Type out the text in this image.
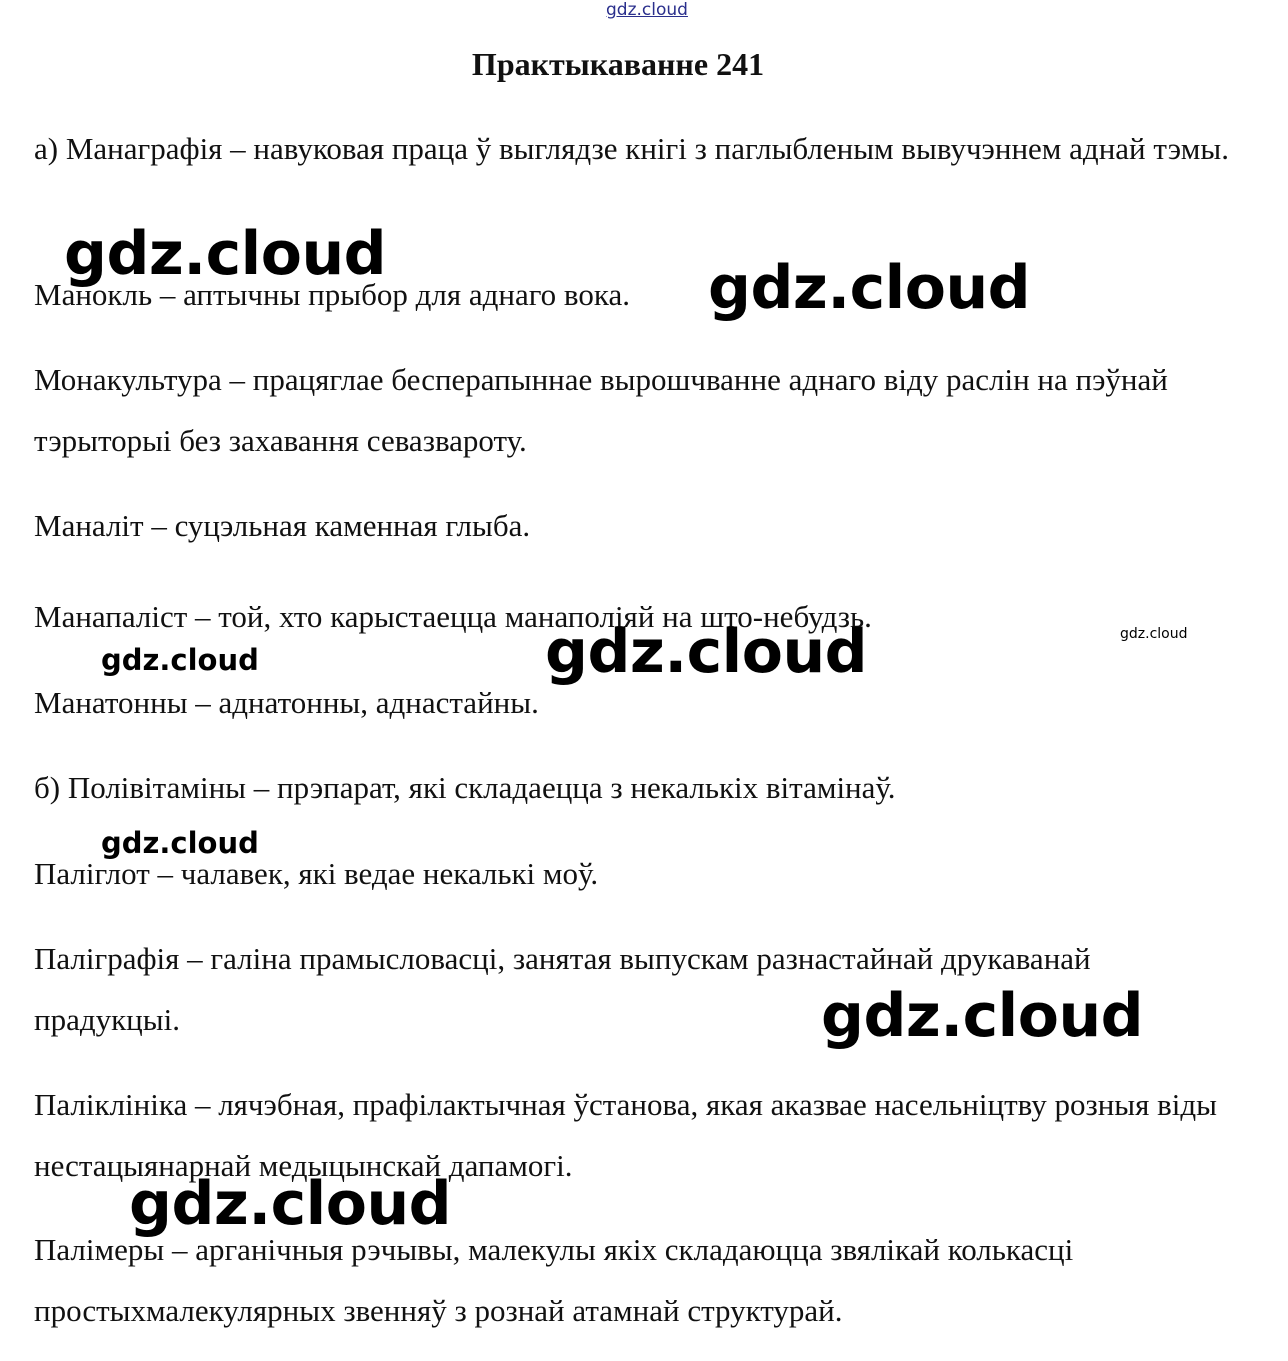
gdz.cloud
Практыкаванне 241
а) Манаграфія – навуковая праца ў выглядзе кнігі з паглыбленым вывучэннем аднай тэмы.
Манокль – аптычны прыбор для аднаго вока.
Монакультура – працяглае бесперапыннае вырошчванне аднаго віду раслін на пэўнай тэрыторыі без захавання севазвароту.
Маналіт – суцэльная каменная глыба.
Манапаліст – той, хто карыстаецца манаполіяй на што-небудзь.
Манатонны – аднатонны, аднастайны.
б) Полівітаміны – прэпарат, які складаецца з некалькіх вітамінаў.
Паліглот – чалавек, які ведае некалькі моў.
Паліграфія – галіна прамысловасці, занятая выпускам разнастайнай друкаванай прадукцыі.
Паліклініка – лячэбная, прафілактычная ўстанова, якая аказвае насельніцтву розныя віды нестацыянарнай медыцынскай дапамогі.
Палімеры – арганічныя рэчывы, малекулы якіх складаюцца звялікай колькасці простыхмалекулярных звенняў з рознай атамнай структурай.
gdz.cloud	gdz.cloud
gdz.cloud
gdz.cloud
gdz.cloud
gdz.cloud
gdz.cloud
gdz.cloud
